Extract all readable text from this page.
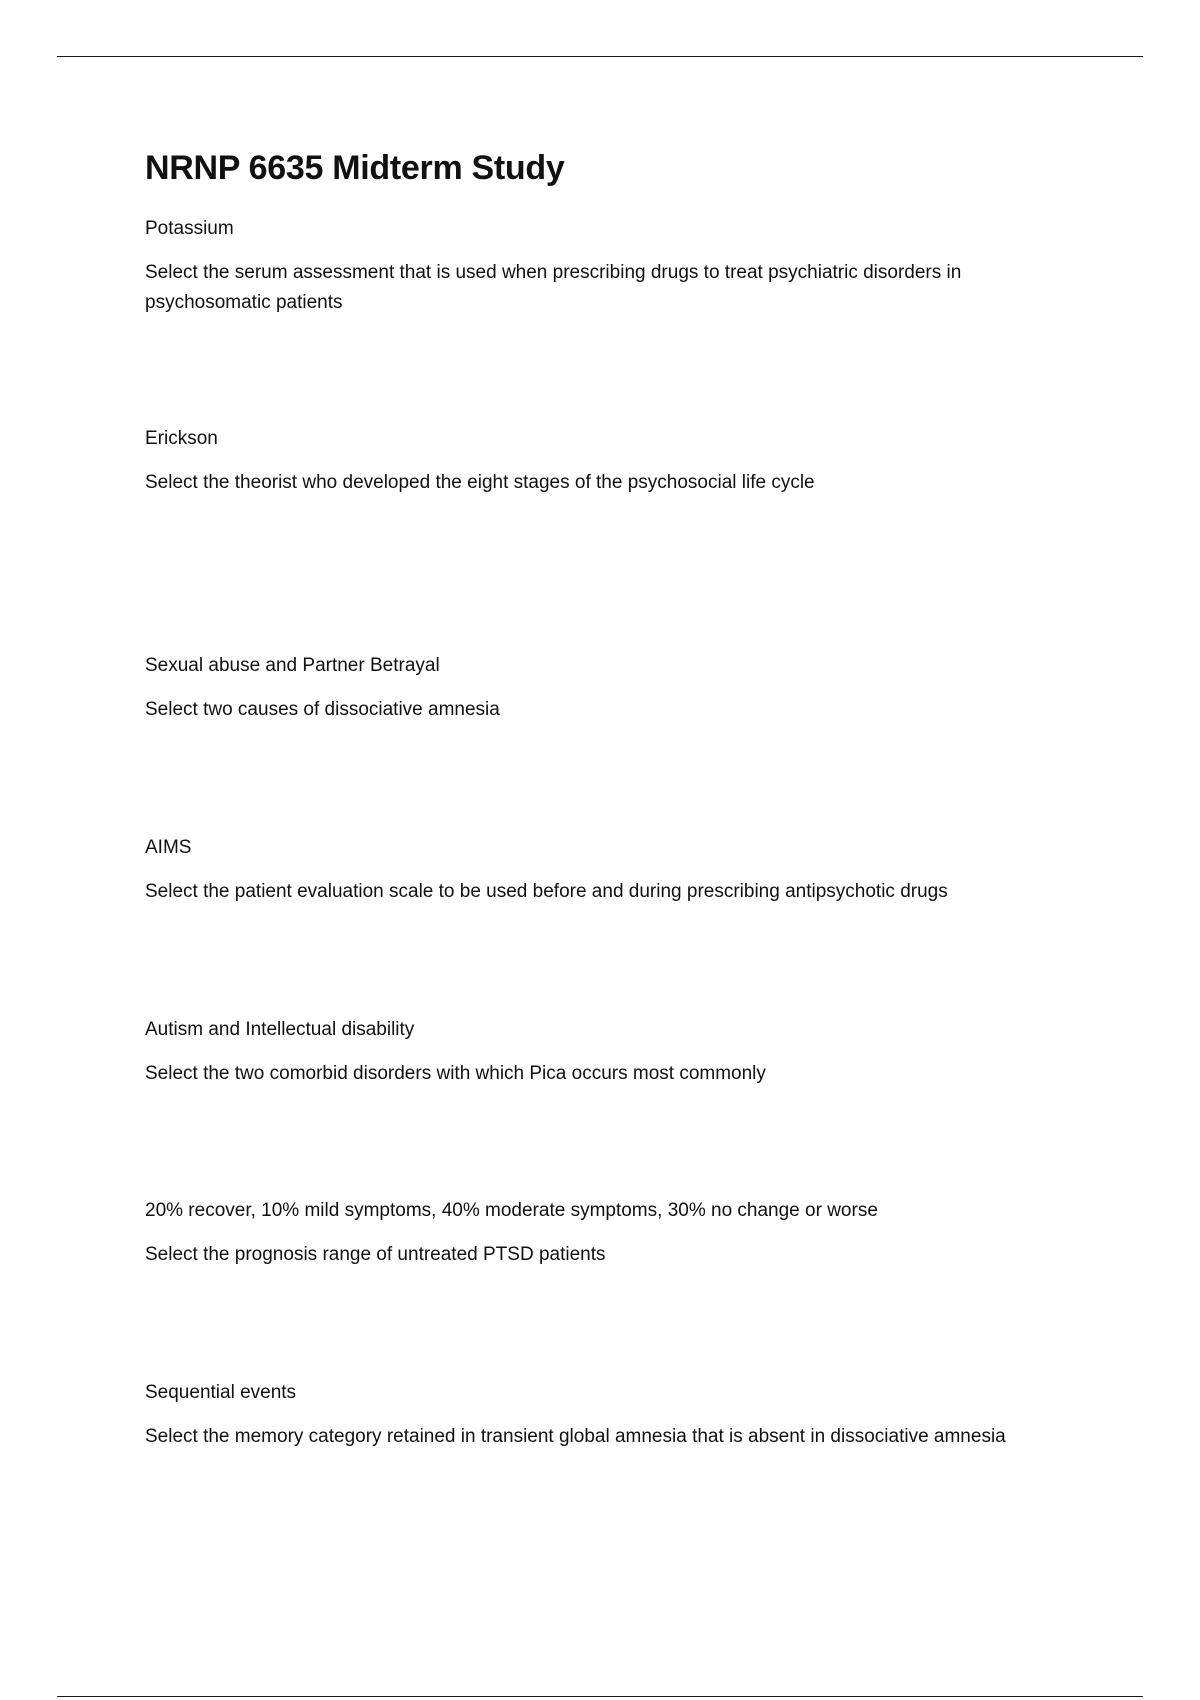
NRNP 6635 Midterm Study

Potassium

Select the serum assessment that is used when prescribing drugs to treat psychiatric disorders in psychosomatic patients

Erickson

Select the theorist who developed the eight stages of the psychosocial life cycle

Sexual abuse and Partner Betrayal

Select two causes of dissociative amnesia

AIMS

Select the patient evaluation scale to be used before and during prescribing antipsychotic drugs

Autism and Intellectual disability

Select the two comorbid disorders with which Pica occurs most commonly

20% recover, 10% mild symptoms, 40% moderate symptoms, 30% no change or worse

Select the prognosis range of untreated PTSD patients

Sequential events

Select the memory category retained in transient global amnesia that is absent in dissociative amnesia
